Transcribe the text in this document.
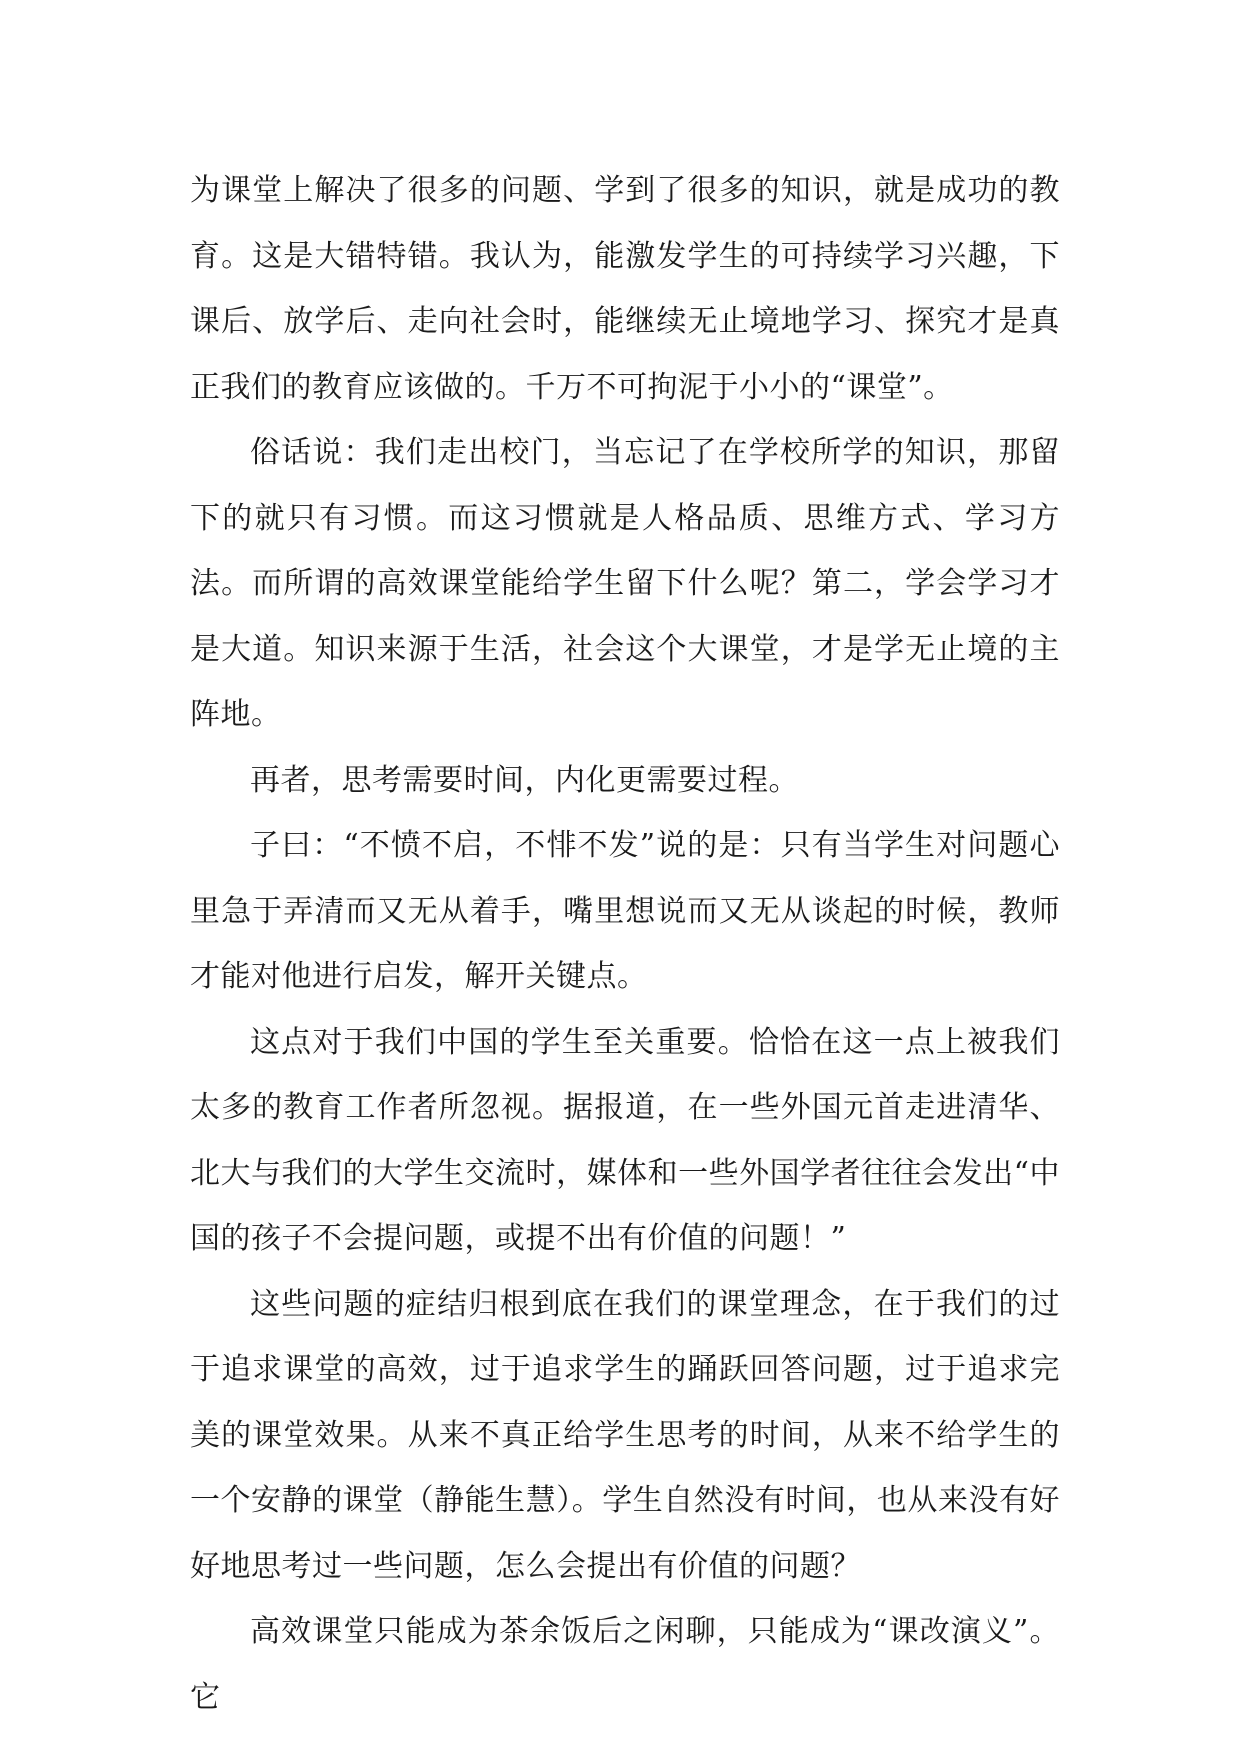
为课堂上解决了很多的问题、学到了很多的知识，就是成功的教育。这是大错特错。我认为，能激发学生的可持续学习兴趣，下课后、放学后、走向社会时，能继续无止境地学习、探究才是真正我们的教育应该做的。千万不可拘泥于小小的“课堂”。

俗话说：我们走出校门，当忘记了在学校所学的知识，那留下的就只有习惯。而这习惯就是人格品质、思维方式、学习方法。而所谓的高效课堂能给学生留下什么呢？第二，学会学习才是大道。知识来源于生活，社会这个大课堂，才是学无止境的主阵地。

再者，思考需要时间，内化更需要过程。

子曰：“不愤不启，不悱不发”说的是：只有当学生对问题心里急于弄清而又无从着手，嘴里想说而又无从谈起的时候，教师才能对他进行启发，解开关键点。

这点对于我们中国的学生至关重要。恰恰在这一点上被我们太多的教育工作者所忽视。据报道，在一些外国元首走进清华、北大与我们的大学生交流时，媒体和一些外国学者往往会发出“中国的孩子不会提问题，或提不出有价值的问题！”

这些问题的症结归根到底在我们的课堂理念，在于我们的过于追求课堂的高效，过于追求学生的踊跃回答问题，过于追求完美的课堂效果。从来不真正给学生思考的时间，从来不给学生的一个安静的课堂（静能生慧）。学生自然没有时间，也从来没有好好地思考过一些问题，怎么会提出有价值的问题？

高效课堂只能成为茶余饭后之闲聊，只能成为“课改演义”。它
